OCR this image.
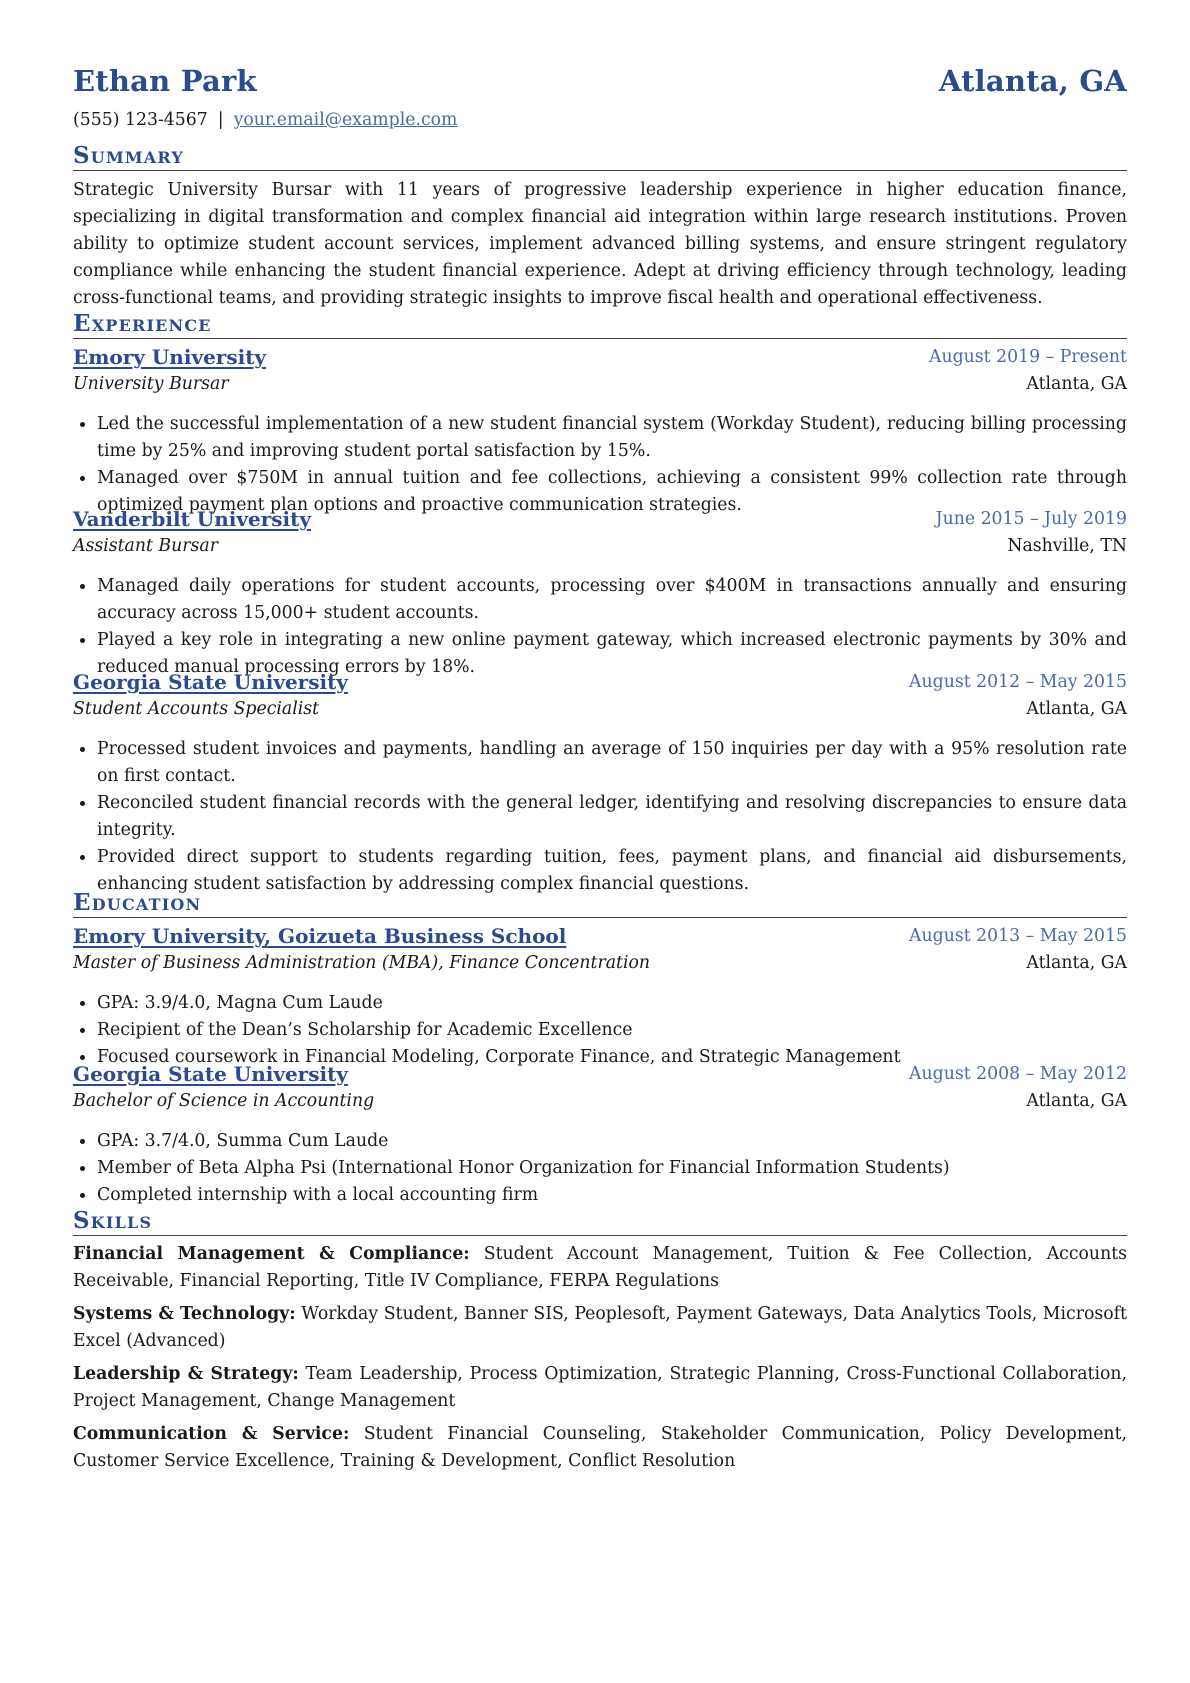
Ethan Park	Atlanta, GA
(555) 123-4567 | your.email@example.com
Summary
Strategic University Bursar with 11 years of progressive leadership experience in higher education finance, specializing in digital transformation and complex financial aid integration within large research institutions. Proven ability to optimize student account services, implement advanced billing systems, and ensure stringent regulatory compliance while enhancing the student financial experience. Adept at driving efficiency through technology, leading cross-functional teams, and providing strategic insights to improve fiscal health and operational effectiveness.
Experience
Emory University	August 2019 – Present
University Bursar	Atlanta, GA
Led the successful implementation of a new student financial system (Workday Student), reducing billing processing time by 25% and improving student portal satisfaction by 15%.
Managed over $750M in annual tuition and fee collections, achieving a consistent 99% collection rate through optimized payment plan options and proactive communication strategies.
Vanderbilt University	June 2015 – July 2019
Assistant Bursar	Nashville, TN
Managed daily operations for student accounts, processing over $400M in transactions annually and ensuring accuracy across 15,000+ student accounts.
Played a key role in integrating a new online payment gateway, which increased electronic payments by 30% and reduced manual processing errors by 18%.
Georgia State University	August 2012 – May 2015
Student Accounts Specialist	Atlanta, GA
Processed student invoices and payments, handling an average of 150 inquiries per day with a 95% resolution rate on first contact.
Reconciled student financial records with the general ledger, identifying and resolving discrepancies to ensure data integrity.
Provided direct support to students regarding tuition, fees, payment plans, and financial aid disbursements, enhancing student satisfaction by addressing complex financial questions.
Education
Emory University, Goizueta Business School	August 2013 – May 2015
Master of Business Administration (MBA), Finance Concentration	Atlanta, GA
GPA: 3.9/4.0, Magna Cum Laude
Recipient of the Dean’s Scholarship for Academic Excellence
Focused coursework in Financial Modeling, Corporate Finance, and Strategic Management
Georgia State University	August 2008 – May 2012
Bachelor of Science in Accounting	Atlanta, GA
GPA: 3.7/4.0, Summa Cum Laude
Member of Beta Alpha Psi (International Honor Organization for Financial Information Students)
Completed internship with a local accounting firm
Skills
Financial Management & Compliance: Student Account Management, Tuition & Fee Collection, Accounts Receivable, Financial Reporting, Title IV Compliance, FERPA Regulations
Systems & Technology: Workday Student, Banner SIS, Peoplesoft, Payment Gateways, Data Analytics Tools, Microsoft Excel (Advanced)
Leadership & Strategy: Team Leadership, Process Optimization, Strategic Planning, Cross-Functional Collaboration, Project Management, Change Management
Communication & Service: Student Financial Counseling, Stakeholder Communication, Policy Development, Customer Service Excellence, Training & Development, Conflict Resolution
